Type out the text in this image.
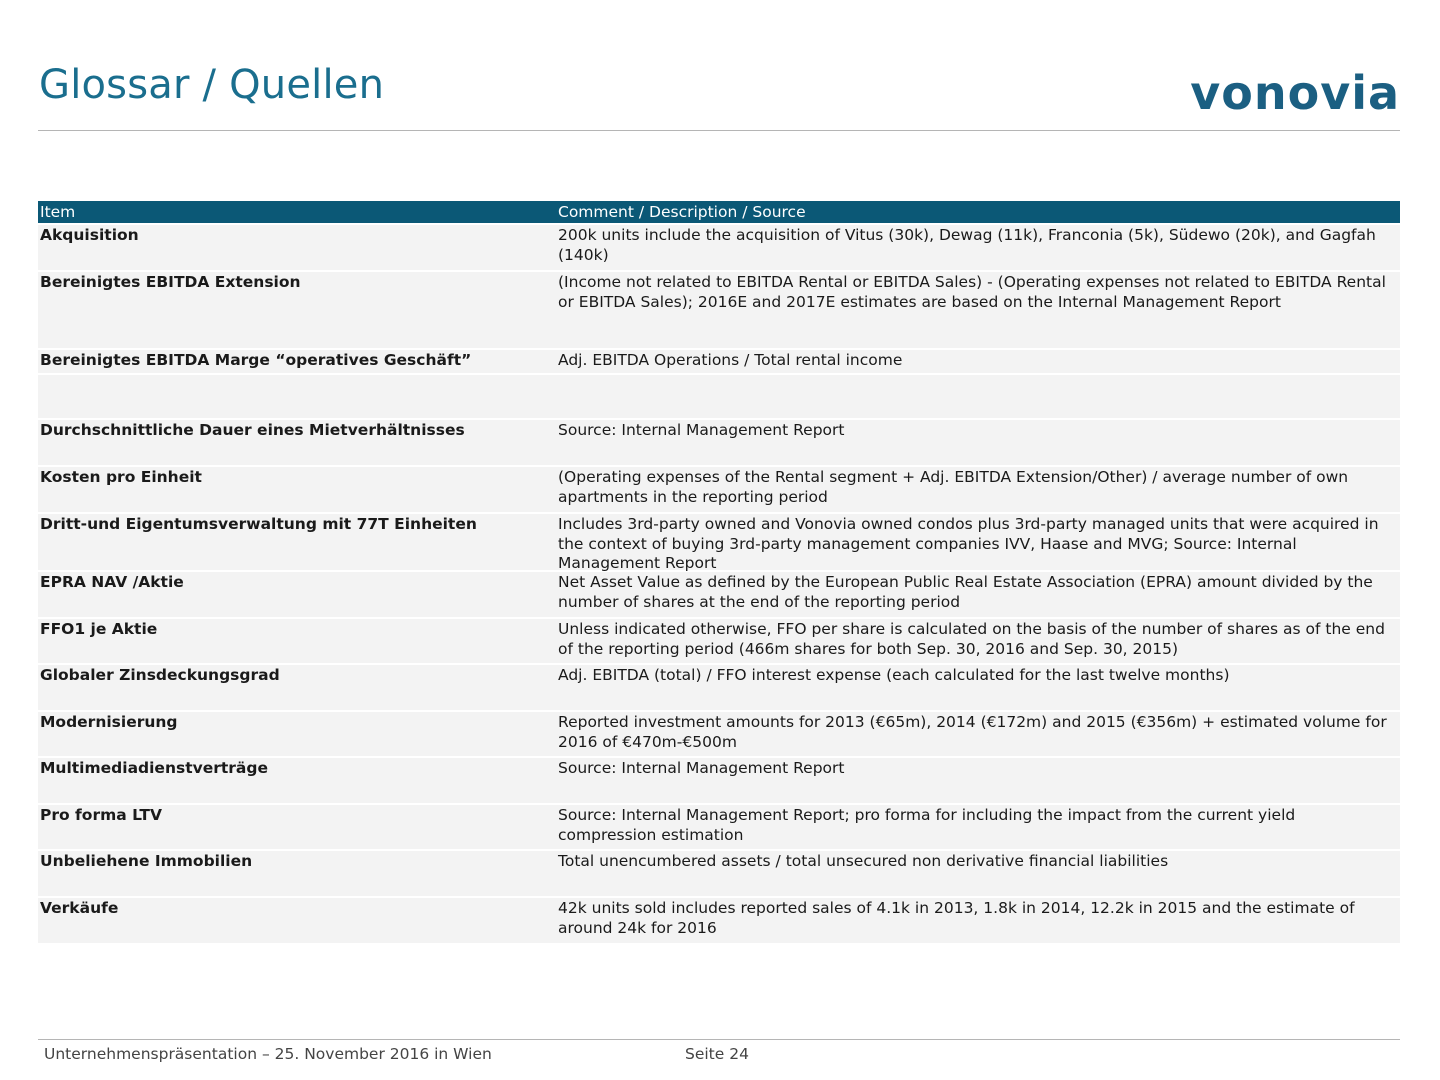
Glossar / Quellen	vonovia
Item	Comment / Description / Source
Akquisition	200k units include the acquisition of Vitus (30k), Dewag (11k), Franconia (5k), Südewo (20k), and Gagfah (140k)
Bereinigtes EBITDA Extension	(Income not related to EBITDA Rental or EBITDA Sales) - (Operating expenses not related to EBITDA Rental or EBITDA Sales); 2016E and 2017E estimates are based on the Internal Management Report
Bereinigtes EBITDA Marge “operatives Geschäft”	Adj. EBITDA Operations / Total rental income
Durchschnittliche Dauer eines Mietverhältnisses	Source: Internal Management Report
Kosten pro Einheit	(Operating expenses of the Rental segment + Adj. EBITDA Extension/Other) / average number of own apartments in the reporting period
Dritt-und Eigentumsverwaltung mit 77T Einheiten	Includes 3rd-party owned and Vonovia owned condos plus 3rd-party managed units that were acquired in the context of buying 3rd-party management companies IVV, Haase and MVG; Source: Internal Management Report
EPRA NAV /Aktie	Net Asset Value as defined by the European Public Real Estate Association (EPRA) amount divided by the number of shares at the end of the reporting period
FFO1 je Aktie	Unless indicated otherwise, FFO per share is calculated on the basis of the number of shares as of the end of the reporting period (466m shares for both Sep. 30, 2016 and Sep. 30, 2015)
Globaler Zinsdeckungsgrad	Adj. EBITDA (total) / FFO interest expense (each calculated for the last twelve months)
Modernisierung	Reported investment amounts for 2013 (€65m), 2014 (€172m) and 2015 (€356m) + estimated volume for 2016 of €470m-€500m
Multimediadienstverträge	Source: Internal Management Report
Pro forma LTV	Source: Internal Management Report; pro forma for including the impact from the current yield compression estimation
Unbeliehene Immobilien	Total unencumbered assets / total unsecured non derivative financial liabilities
Verkäufe	42k units sold includes reported sales of 4.1k in 2013, 1.8k in 2014, 12.2k in 2015 and the estimate of around 24k for 2016
Unternehmenspräsentation – 25. November 2016 in Wien	Seite 24
